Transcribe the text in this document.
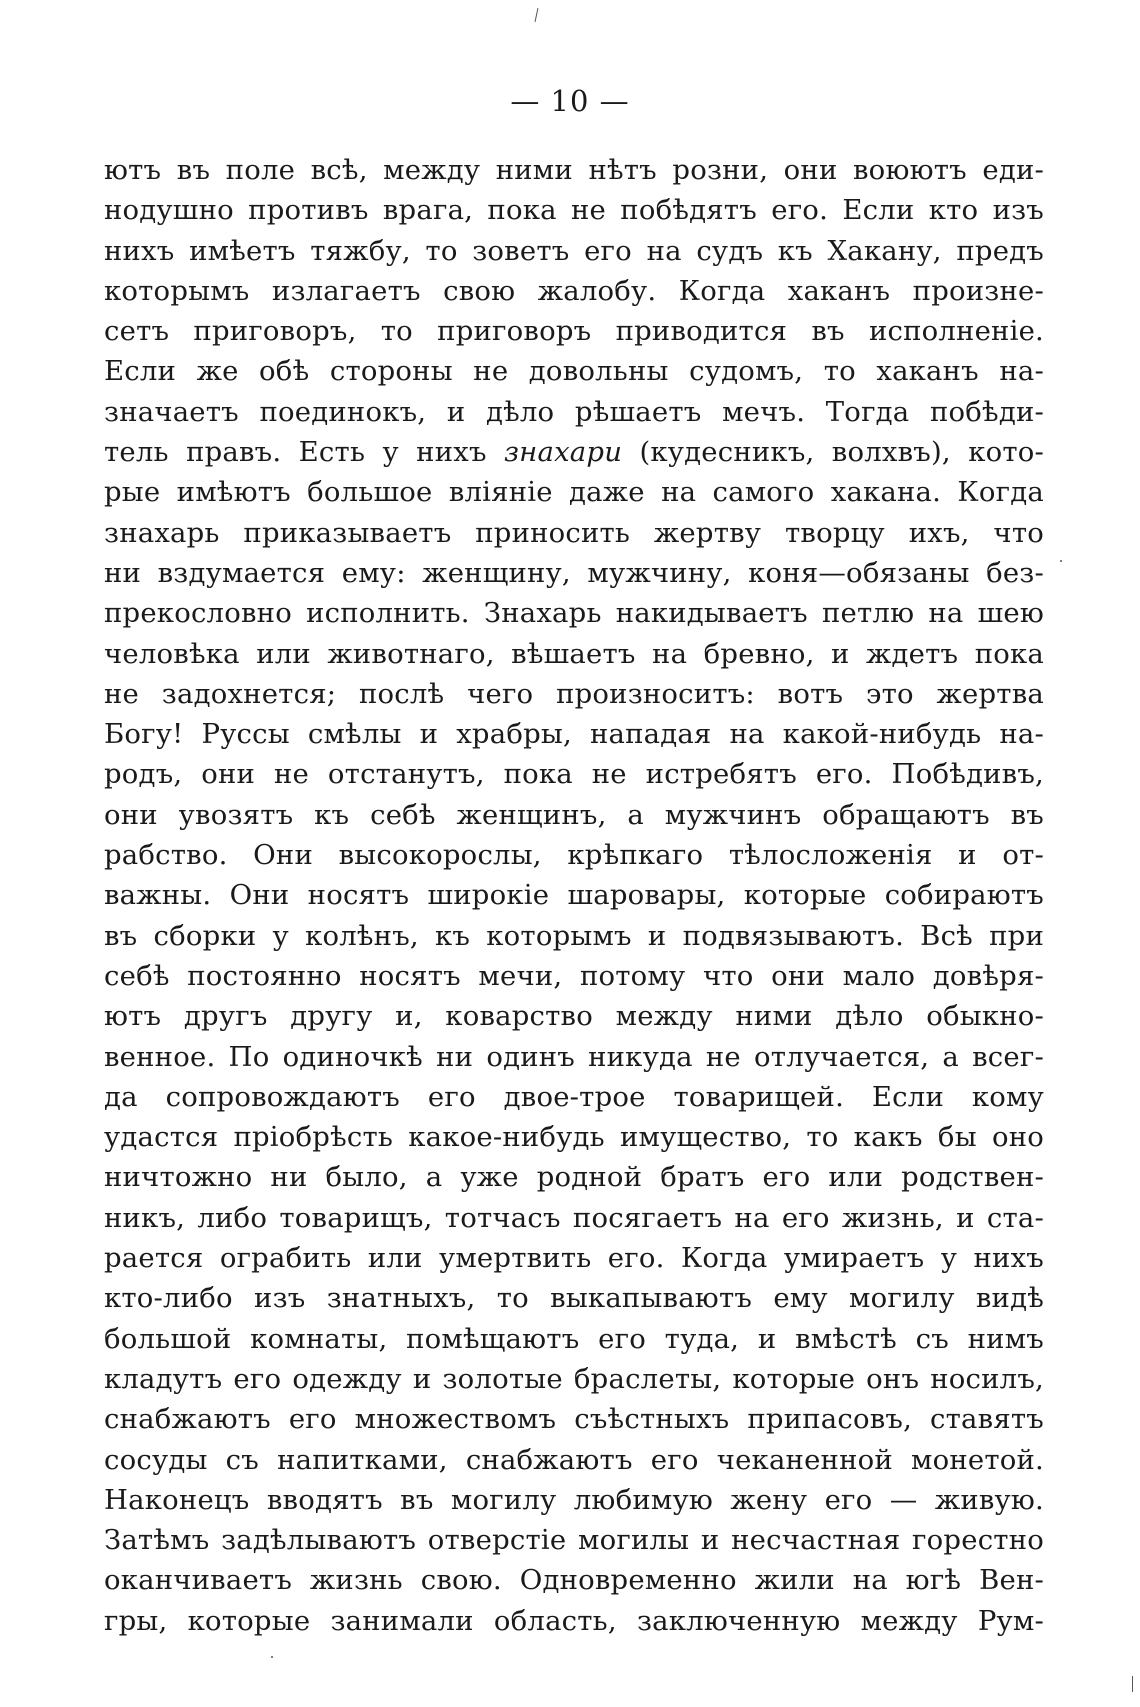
— 10 —
ютъ въ поле всѣ, между ними нѣтъ розни, они воюютъ еди-
нодушно противъ врага, пока не побѣдятъ его. Если кто изъ
нихъ имѣетъ тяжбу, то зоветъ его на судъ къ Хакану, предъ
которымъ излагаетъ свою жалобу. Когда хаканъ произне-
сетъ приговоръ, то приговоръ приводится въ исполненіе.
Если же обѣ стороны не довольны судомъ, то хаканъ на-
значаетъ поединокъ, и дѣло рѣшаетъ мечъ. Тогда побѣди-
тель правъ. Есть у нихъ знахари (кудесникъ, волхвъ), кото-
рые имѣютъ большое вліяніе даже на самого хакана. Когда
знахарь приказываетъ приносить жертву творцу ихъ, что
ни вздумается ему: женщину, мужчину, коня—обязаны без-
прекословно исполнить. Знахарь накидываетъ петлю на шею
человѣка или животнаго, вѣшаетъ на бревно, и ждетъ пока
не задохнется; послѣ чего произноситъ: вотъ это жертва
Богу! Руссы смѣлы и храбры, нападая на какой-нибудь на-
родъ, они не отстанутъ, пока не истребятъ его. Побѣдивъ,
они увозятъ къ себѣ женщинъ, а мужчинъ обращаютъ въ
рабство. Они высокорослы, крѣпкаго тѣлосложенія и от-
важны. Они носятъ широкіе шаровары, которые собираютъ
въ сборки у колѣнъ, къ которымъ и подвязываютъ. Всѣ при
себѣ постоянно носятъ мечи, потому что они мало довѣря-
ютъ другъ другу и, коварство между ними дѣло обыкно-
венное. По одиночкѣ ни одинъ никуда не отлучается, а всег-
да сопровождаютъ его двое-трое товарищей. Если кому
удастся пріобрѣсть какое-нибудь имущество, то какъ бы оно
ничтожно ни было, а уже родной братъ его или родствен-
никъ, либо товарищъ, тотчасъ посягаетъ на его жизнь, и ста-
рается ограбить или умертвить его. Когда умираетъ у нихъ
кто-либо изъ знатныхъ, то выкапываютъ ему могилу видѣ
большой комнаты, помѣщаютъ его туда, и вмѣстѣ съ нимъ
кладутъ его одежду и золотые браслеты, которые онъ носилъ,
снабжаютъ его множествомъ съѣстныхъ припасовъ, ставятъ
сосуды съ напитками, снабжаютъ его чеканенной монетой.
Наконецъ вводятъ въ могилу любимую жену его — живую.
Затѣмъ задѣлываютъ отверстіе могилы и несчастная горестно
оканчиваетъ жизнь свою. Одновременно жили на югѣ Вен-
гры, которые занимали область, заключенную между Рум-
